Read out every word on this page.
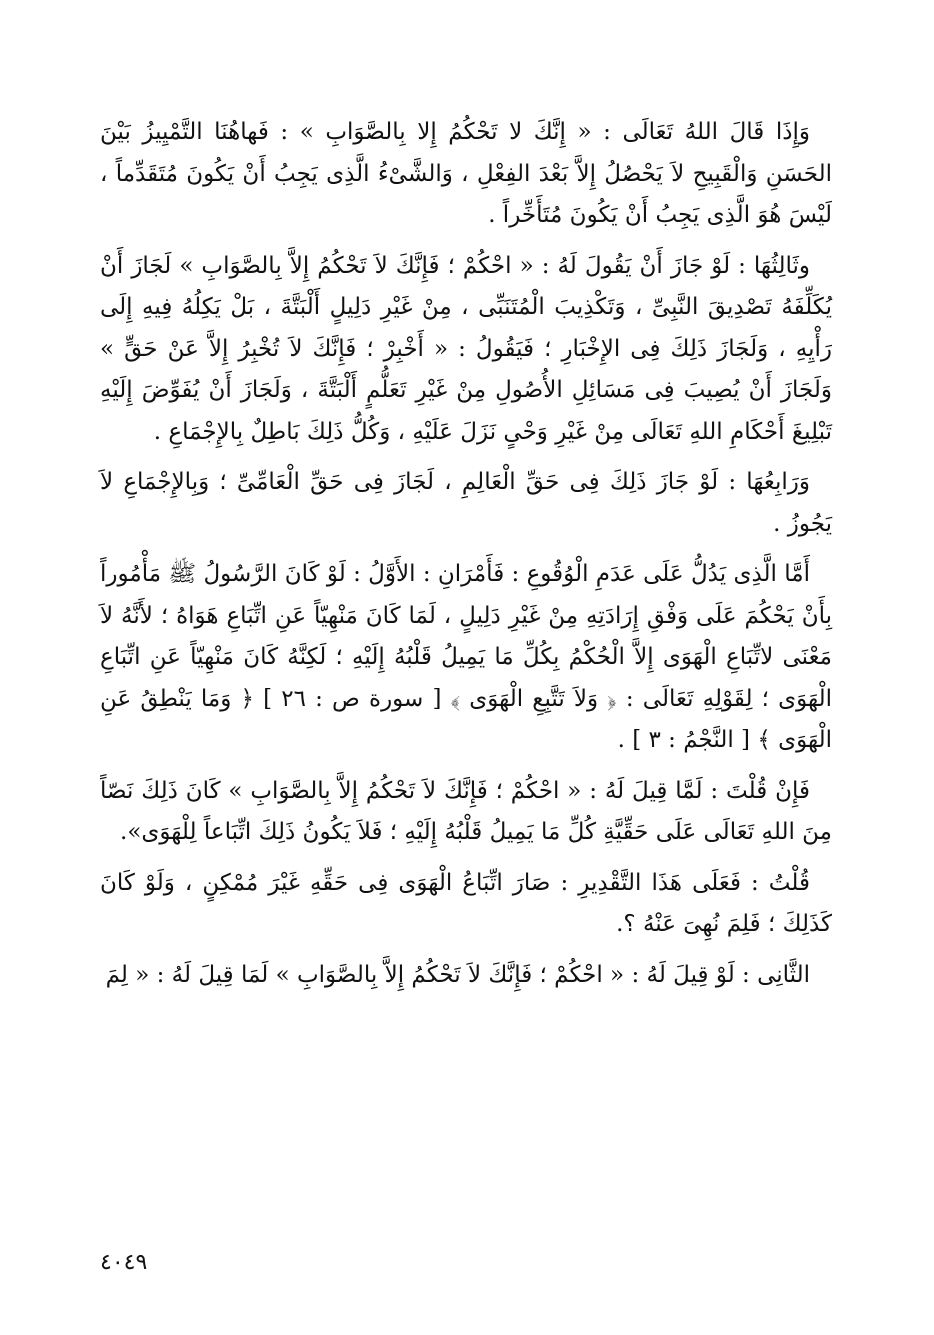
وَإِذَا قَالَ اللهُ تَعَالَى : « إِنَّكَ لا تَحْكُمُ إِلا بِالصَّوَابِ » : فَهاهُنَا التَّمْيِيزُ بَيْنَ الحَسَنِ وَالْقَبِيحِ لاَ يَحْصُلُ إِلاَّ بَعْدَ الفِعْلِ ، وَالشَّىْءُ الَّذِى يَجِبُ أَنْ يَكُونَ مُتَقَدِّماً ، لَيْسَ هُوَ الَّذِى يَجِبُ أَنْ يَكُونَ مُتَأَخِّراً .

وثَالِثُهَا : لَوْ جَازَ أَنْ يَقُولَ لَهُ : « احْكُمْ ؛ فَإِنَّكَ لاَ تَحْكُمُ إِلاَّ بِالصَّوَابِ » لَجَازَ أَنْ يُكَلِّفَهُ تَصْدِيقَ النَّبِىِّ ، وَتَكْذِيبَ الْمُتَنَبِّى ، مِنْ غَيْرِ دَلِيلٍ أَلْبَتَّةَ ، بَلْ يَكِلُهُ فِيهِ إِلَى رَأْيِهِ ، وَلَجَازَ ذَلِكَ فِى الإِخْبَارِ ؛ فَيَقُولُ : « أَخْبِرْ ؛ فَإِنَّكَ لاَ تُخْبِرُ إِلاَّ عَنْ حَقٍّ » وَلَجَازَ أَنْ يُصِيبَ فِى مَسَائِلِ الأُصُولِ مِنْ غَيْرِ تَعَلُّمٍ أَلْبَتَّةَ ، وَلَجَازَ أَنْ يُفَوِّضَ إِلَيْهِ تَبْلِيغَ أَحْكَامِ اللهِ تَعَالَى مِنْ غَيْرِ وَحْىٍ نَزَلَ عَلَيْهِ ، وَكُلُّ ذَلِكَ بَاطِلٌ بِالإِجْمَاعِ .

وَرَابِعُهَا : لَوْ جَازَ ذَلِكَ فِى حَقِّ الْعَالِمِ ، لَجَازَ فِى حَقِّ الْعَامِّىِّ ؛ وَبِالإِجْمَاعِ لاَ يَجُوزُ .

أَمَّا الَّذِى يَدُلُّ عَلَى عَدَمِ الْوُقُوعِ : فَأَمْرَانِ : الأَوَّلُ : لَوْ كَانَ الرَّسُولُ ﷺ مَأْمُوراً بِأَنْ يَحْكُمَ عَلَى وَفْقِ إِرَادَتِهِ مِنْ غَيْرِ دَلِيلٍ ، لَمَا كَانَ مَنْهِيّاً عَنِ اتِّبَاعِ هَوَاهُ ؛ لأَنَّهُ لاَ مَعْنَى لاتِّبَاعِ الْهَوَى إِلاَّ الْحُكْمُ بِكُلِّ مَا يَمِيلُ قَلْبُهُ إِلَيْهِ ؛ لَكِنَّهُ كَانَ مَنْهِيّاً عَنِ اتِّبَاعِ الْهَوَى ؛ لِقَوْلِهِ تَعَالَى : ﴿ وَلاَ تَتَّبِعِ الْهَوَى ﴾ [ سورة ص : ٢٦ ] ﴿ وَمَا يَنْطِقُ عَنِ الْهَوَى ﴾ [ النَّجْمُ : ٣ ] .

فَإِنْ قُلْتَ : لَمَّا قِيلَ لَهُ : « احْكُمْ ؛ فَإِنَّكَ لاَ تَحْكُمُ إِلاَّ بِالصَّوَابِ » كَانَ ذَلِكَ نَصّاً مِنَ اللهِ تَعَالَى عَلَى حَقِّيَّةِ كُلِّ مَا يَمِيلُ قَلْبُهُ إِلَيْهِ ؛ فَلاَ يَكُونُ ذَلِكَ اتِّبَاعاً لِلْهَوَى».

قُلْتُ : فَعَلَى هَذَا التَّقْدِيرِ : صَارَ اتِّبَاعُ الْهَوَى فِى حَقِّهِ غَيْرَ مُمْكِنٍ ، وَلَوْ كَانَ كَذَلِكَ ؛ فَلِمَ نُهِىَ عَنْهُ ؟.

الثَّانِى : لَوْ قِيلَ لَهُ : « احْكُمْ ؛ فَإِنَّكَ لاَ تَحْكُمُ إِلاَّ بِالصَّوَابِ » لَمَا قِيلَ لَهُ : « لِمَ

٤٠٤٩
